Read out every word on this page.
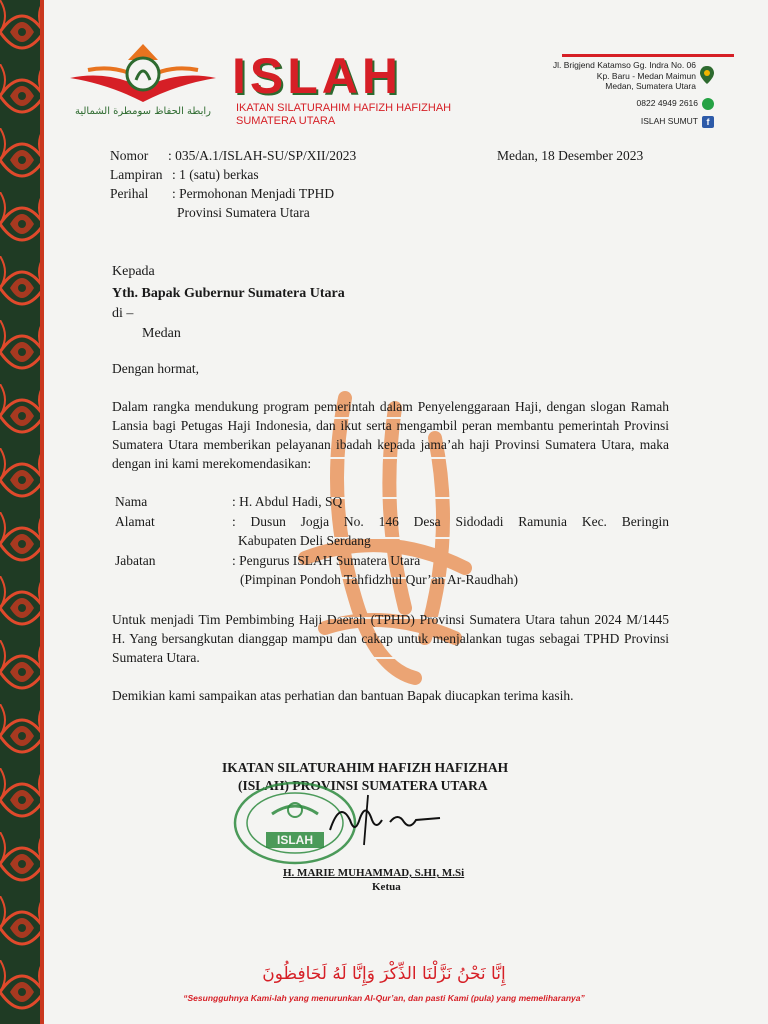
رابطة الحفاظ سومطرة الشمالية
ISLAH
IKATAN SILATURAHIM HAFIZH HAFIZHAH
SUMATERA UTARA
Jl. Brigjend Katamso Gg. Indra No. 06
Kp. Baru - Medan Maimun
Medan, Sumatera Utara
0822 4949 2616
ISLAH SUMUT f
Nomor : 035/A.1/ISLAH-SU/SP/XII/2023	Medan, 18 Desember 2023
Lampiran : 1 (satu) berkas
Perihal : Permohonan Menjadi TPHD
Provinsi Sumatera Utara
Kepada
Yth. Bapak Gubernur Sumatera Utara
di –
Medan
Dengan hormat,
Dalam rangka mendukung program pemerintah dalam Penyelenggaraan Haji, dengan slogan Ramah Lansia bagi Petugas Haji Indonesia, dan ikut serta mengambil peran membantu pemerintah Provinsi Sumatera Utara memberikan pelayanan ibadah kepada jama’ah haji Provinsi Sumatera Utara, maka dengan ini kami merekomendasikan:
Nama	: H. Abdul Hadi, SQ
Alamat	: Dusun Jogja No. 146 Desa Sidodadi Ramunia Kec. Beringin
Kabupaten Deli Serdang
Jabatan	: Pengurus ISLAH Sumatera Utara
(Pimpinan Pondoh Tahfidzhul Qur’an Ar-Raudhah)
Untuk menjadi Tim Pembimbing Haji Daerah (TPHD) Provinsi Sumatera Utara tahun 2024 M/1445 H. Yang bersangkutan dianggap mampu dan cakap untuk menjalankan tugas sebagai TPHD Provinsi Sumatera Utara.
Demikian kami sampaikan atas perhatian dan bantuan Bapak diucapkan terima kasih.
IKATAN SILATURAHIM HAFIZH HAFIZHAH
(ISLAH) PROVINSI SUMATERA UTARA
ISLAH
H. MARIE MUHAMMAD, S.HI, M.Si
Ketua
إِنَّا نَحْنُ نَزَّلْنَا الذِّكْرَ وَإِنَّا لَهُ لَحَافِظُونَ
“Sesungguhnya Kami-lah yang menurunkan Al-Qur’an, dan pasti Kami (pula) yang memeliharanya”
